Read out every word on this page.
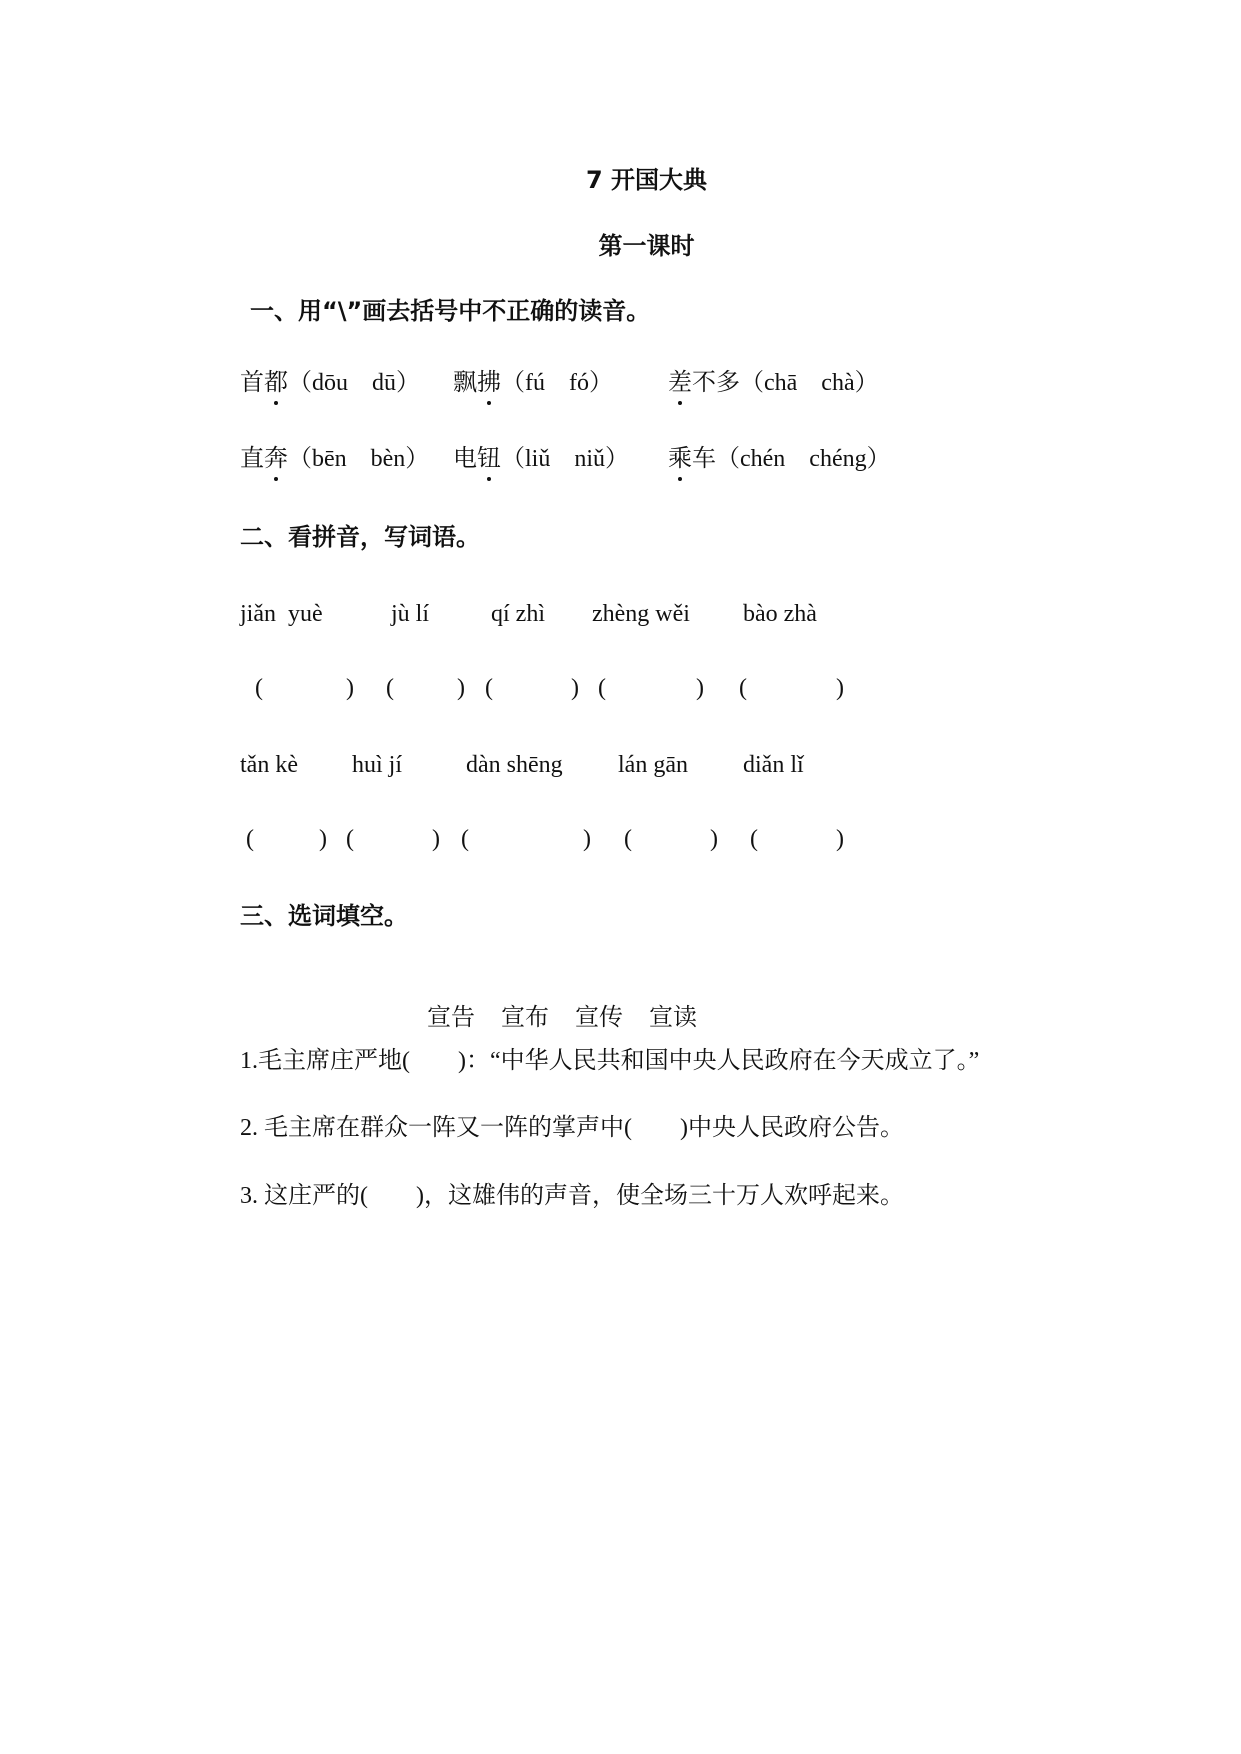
7 开国大典
第一课时
一、用“\”画去括号中不正确的读音。
首都（dōu　dū）	飘拂（fú　fó）	差不多（chā　chà）
直奔（bēn　bèn） 电钮（liǔ　niǔ）	乘车（chén　chéng）
二、看拼音，写词语。
jiǎn  yuè	jù lí	qí zhì	zhèng wěi	bào zhà
(	) (	) (	) (	) (	)
tǎn kè	huì jí	dàn shēng	lán gān	diǎn lǐ
(	) (	) (	) (	) (	)
三、选词填空。

宣告 宣布 宣传 宣读

1.毛主席庄严地(　　)：“中华人民共和国中央人民政府在今天成立了。”
2. 毛主席在群众一阵又一阵的掌声中(　　)中央人民政府公告。
3. 这庄严的(　　)，这雄伟的声音，使全场三十万人欢呼起来。
